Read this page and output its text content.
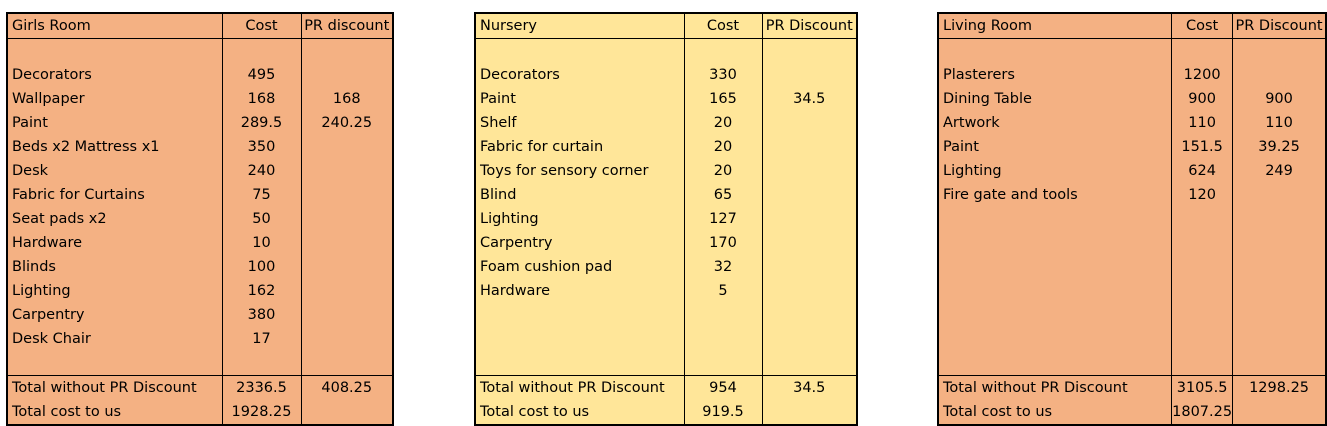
Girls Room	Cost	PR discount

Decorators	495	
Wallpaper	168	168
Paint	289.5	240.25
Beds x2 Mattress x1	350	
Desk	240	
Fabric for Curtains	75	
Seat pads x2	50	
Hardware	10	
Blinds	100	
Lighting	162	
Carpentry	380	
Desk Chair	17	

Total without PR Discount	2336.5	408.25
Total cost to us	1928.25	
Nursery	Cost	PR Discount

Decorators	330	
Paint	165	34.5
Shelf	20	
Fabric for curtain	20	
Toys for sensory corner	20	
Blind	65	
Lighting	127	
Carpentry	170	
Foam cushion pad	32	
Hardware	5	

Total without PR Discount	954	34.5
Total cost to us	919.5	
Living Room	Cost	PR Discount

Plasterers	1200	
Dining Table	900	900
Artwork	110	110
Paint	151.5	39.25
Lighting	624	249
Fire gate and tools	120	

Total without PR Discount	3105.5	1298.25
Total cost to us	1807.25	
